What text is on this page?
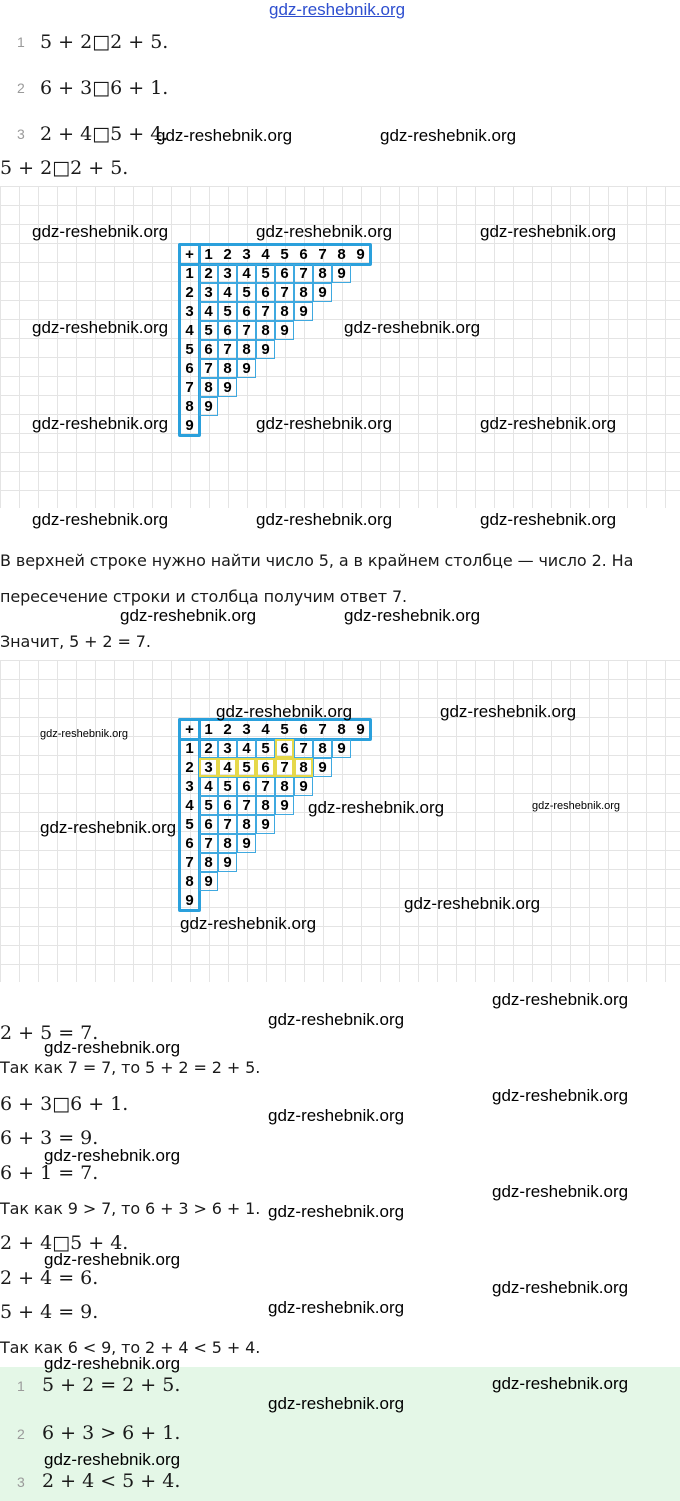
gdz-reshebnik.org
1 5 + 2□2 + 5.
2 6 + 3□6 + 1.
3 2 + 4□5 + 4.
gdz-reshebnik.org	gdz-reshebnik.org
5 + 2□2 + 5.
+ 1 2 3 4 5 6 7 8 9
1 2 3 4 5 6 7 8 9
2 3 4 5 6 7 8 9
3 4 5 6 7 8 9
4 5 6 7 8 9
5 6 7 8 9
6 7 8 9
7 8 9
8 9
9
gdz-reshebnik.org	gdz-reshebnik.org	gdz-reshebnik.org
gdz-reshebnik.org	gdz-reshebnik.org
gdz-reshebnik.org	gdz-reshebnik.org	gdz-reshebnik.org
gdz-reshebnik.org	gdz-reshebnik.org	gdz-reshebnik.org
В верхней строке нужно найти число 5, а в крайнем столбце — число 2. На
пересечение строки и столбца получим ответ 7.
gdz-reshebnik.org	gdz-reshebnik.org
Значит, 5 + 2 = 7.
+ 1 2 3 4 5 6 7 8 9
1 2 3 4 5 6 7 8 9
2 3 4 5 6 7 8 9
3 4 5 6 7 8 9
4 5 6 7 8 9
5 6 7 8 9
6 7 8 9
7 8 9
8 9
9
gdz-reshebnik.org	gdz-reshebnik.org
gdz-reshebnik.org
gdz-reshebnik.org	gdz-reshebnik.org
gdz-reshebnik.org
gdz-reshebnik.org
gdz-reshebnik.org
gdz-reshebnik.org
gdz-reshebnik.org
2 + 5 = 7.
gdz-reshebnik.org
Так как 7 = 7, то 5 + 2 = 2 + 5.
gdz-reshebnik.org
6 + 3□6 + 1.
gdz-reshebnik.org
6 + 3 = 9.
gdz-reshebnik.org
6 + 1 = 7.
gdz-reshebnik.org
Так как 9 > 7, то 6 + 3 > 6 + 1. gdz-reshebnik.org
2 + 4□5 + 4.
gdz-reshebnik.org
2 + 4 = 6.	gdz-reshebnik.org
5 + 4 = 9.	gdz-reshebnik.org
Так как 6 < 9, то 2 + 4 < 5 + 4.
gdz-reshebnik.org
1 5 + 2 = 2 + 5.	gdz-reshebnik.org
gdz-reshebnik.org
2 6 + 3 > 6 + 1.
gdz-reshebnik.org
3 2 + 4 < 5 + 4.
